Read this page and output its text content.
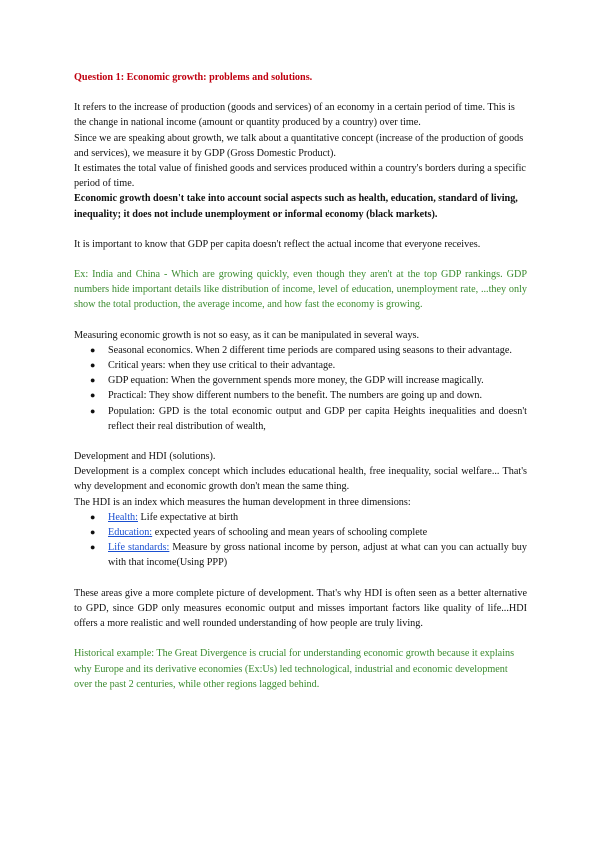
Question 1: Economic growth: problems and solutions.

It refers to the increase of production (goods and services) of an economy in a certain period of time. This is the change in national income (amount or quantity produced by a country) over time.

Since we are speaking about growth, we talk about a quantitative concept (increase of the production of goods and services), we measure it by GDP (Gross Domestic Product).

It estimates the total value of finished goods and services produced within a country's borders during a specific period of time.

Economic growth doesn't take into account social aspects such as health, education, standard of living, inequality; it does not include unemployment or informal economy (black markets).

It is important to know that GDP per capita doesn't reflect the actual income that everyone receives.

Ex: India and China - Which are growing quickly, even though they aren't at the top GDP rankings. GDP numbers hide important details like distribution of income, level of education, unemployment rate, ...they only show the total production, the average income, and how fast the economy is growing.

Measuring economic growth is not so easy, as it can be manipulated in several ways.

● Seasonal economics. When 2 different time periods are compared using seasons to their advantage.
● Critical years: when they use critical to their advantage.
● GDP equation: When the government spends more money, the GDP will increase magically.
● Practical: They show different numbers to the benefit. The numbers are going up and down.
● Population: GPD is the total economic output and GDP per capita Heights inequalities and doesn't reflect their real distribution of wealth,

Development and HDI (solutions).

Development is a complex concept which includes educational health, free inequality, social welfare... That's why development and economic growth don't mean the same thing.

The HDI is an index which measures the human development in three dimensions:

● Health: Life expectative at birth
● Education: expected years of schooling and mean years of schooling complete
● Life standards: Measure by gross national income by person, adjust at what can you can actually buy with that income(Using PPP)

These areas give a more complete picture of development. That's why HDI is often seen as a better alternative to GPD, since GDP only measures economic output and misses important factors like quality of life...HDI offers a more realistic and well rounded understanding of how people are truly living.

Historical example: The Great Divergence is crucial for understanding economic growth because it explains why Europe and its derivative economies (Ex:Us) led technological, industrial and economic development over the past 2 centuries, while other regions lagged behind.
